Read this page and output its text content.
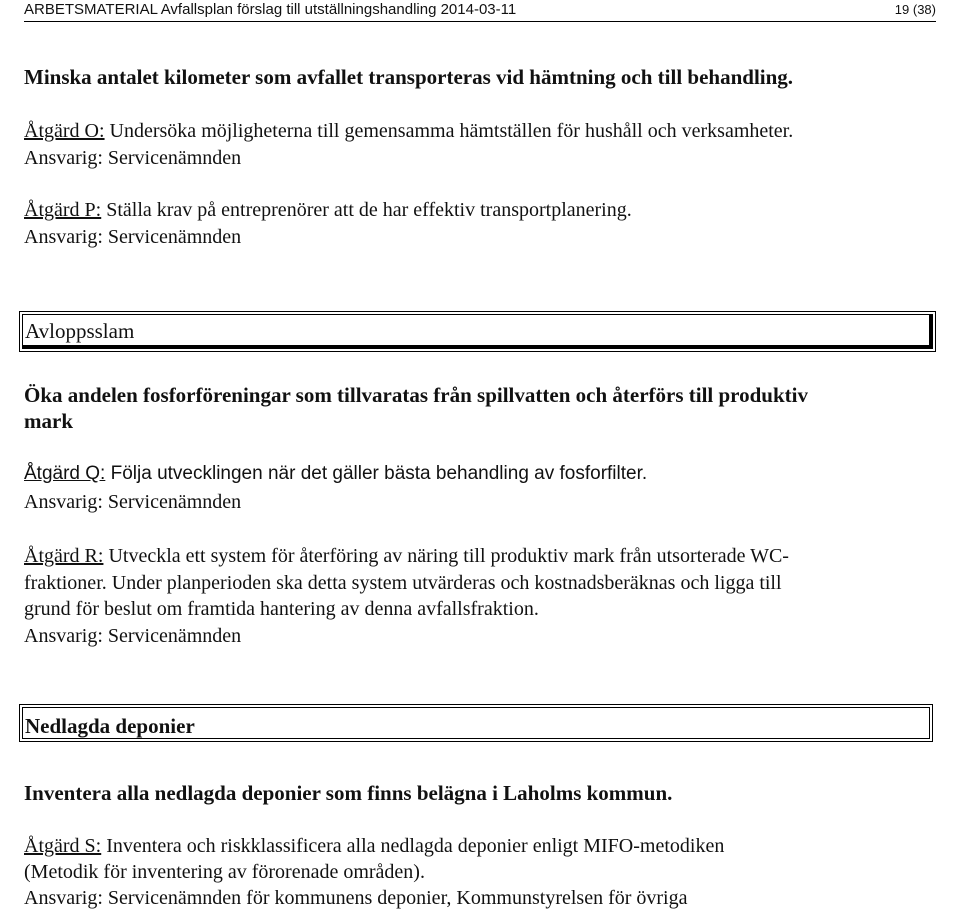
ARBETSMATERIAL Avfallsplan förslag till utställningshandling 2014-03-11	19 (38)
Minska antalet kilometer som avfallet transporteras vid hämtning och till behandling.
Åtgärd O: Undersöka möjligheterna till gemensamma hämtställen för hushåll och verksamheter.
Ansvarig: Servicenämnden
Åtgärd P: Ställa krav på entreprenörer att de har effektiv transportplanering.
Ansvarig: Servicenämnden
Avloppsslam
Öka andelen fosforföreningar som tillvaratas från spillvatten och återförs till produktiv
mark
Åtgärd Q: Följa utvecklingen när det gäller bästa behandling av fosforfilter.
Ansvarig: Servicenämnden
Åtgärd R: Utveckla ett system för återföring av näring till produktiv mark från utsorterade WC-
fraktioner. Under planperioden ska detta system utvärderas och kostnadsberäknas och ligga till
grund för beslut om framtida hantering av denna avfallsfraktion.
Ansvarig: Servicenämnden
Nedlagda deponier
Inventera alla nedlagda deponier som finns belägna i Laholms kommun.
Åtgärd S: Inventera och riskklassificera alla nedlagda deponier enligt MIFO-metodiken
(Metodik för inventering av förorenade områden).
Ansvarig: Servicenämnden för kommunens deponier, Kommunstyrelsen för övriga
